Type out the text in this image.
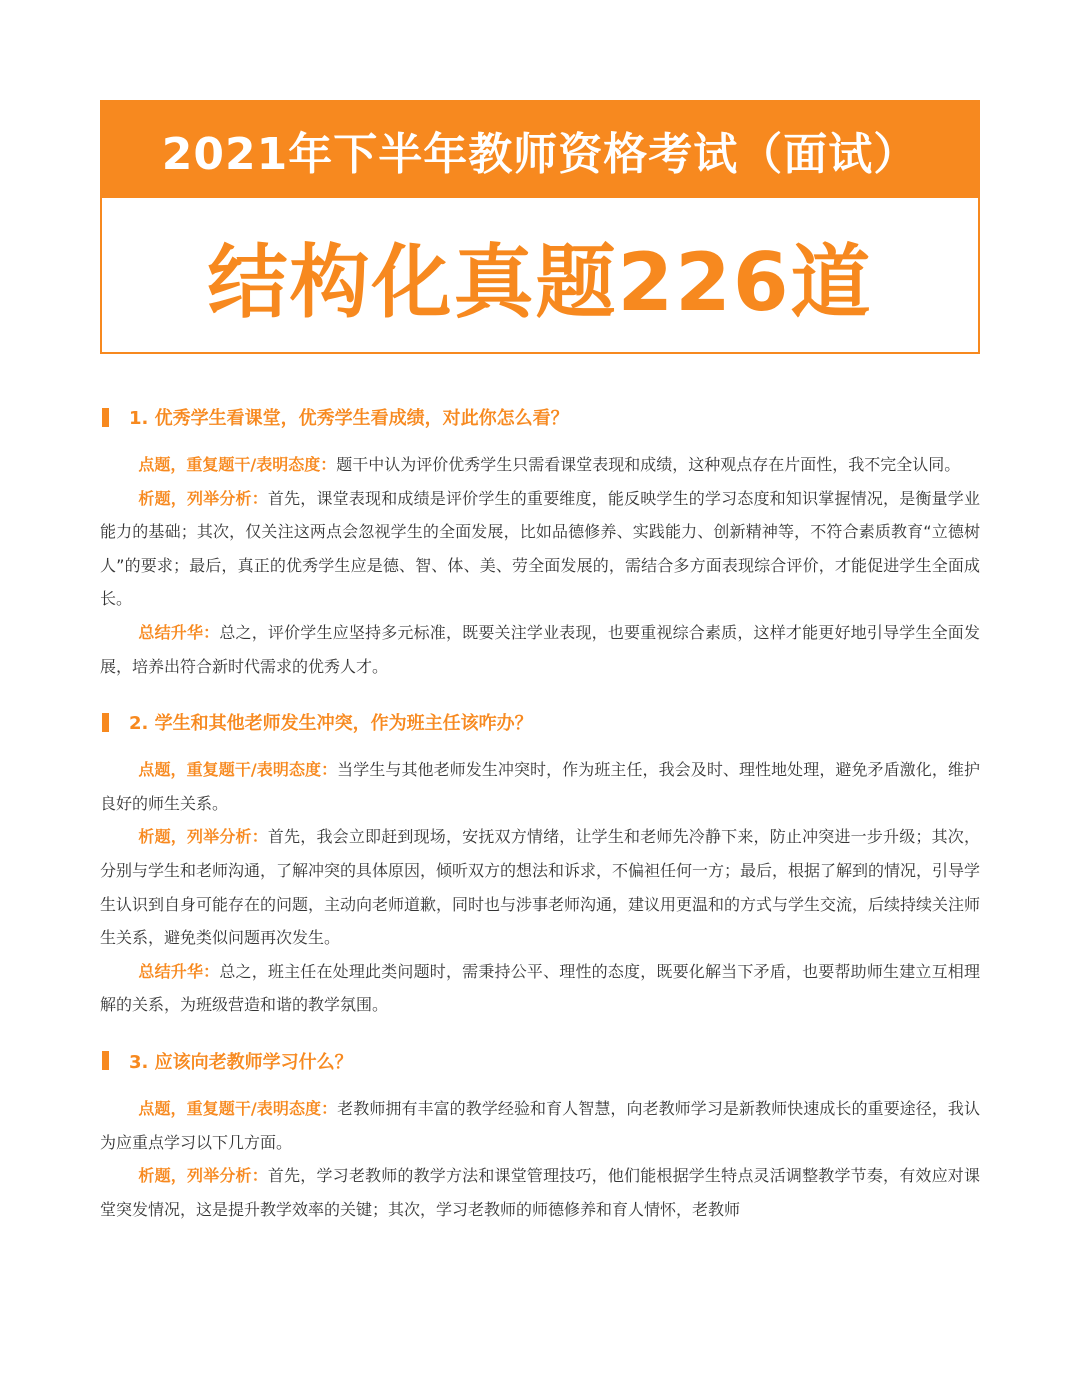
2021年下半年教师资格考试（面试）
结构化真题226道
1. 优秀学生看课堂，优秀学生看成绩，对此你怎么看？

点题，重复题干/表明态度：题干中认为评价优秀学生只需看课堂表现和成绩，这种观点存在片面性，我不完全认同。

析题，列举分析：首先，课堂表现和成绩是评价学生的重要维度，能反映学生的学习态度和知识掌握情况，是衡量学业能力的基础；其次，仅关注这两点会忽视学生的全面发展，比如品德修养、实践能力、创新精神等，不符合素质教育“立德树人”的要求；最后，真正的优秀学生应是德、智、体、美、劳全面发展的，需结合多方面表现综合评价，才能促进学生全面成长。

总结升华：总之，评价学生应坚持多元标准，既要关注学业表现，也要重视综合素质，这样才能更好地引导学生全面发展，培养出符合新时代需求的优秀人才。

2. 学生和其他老师发生冲突，作为班主任该咋办？

点题，重复题干/表明态度：当学生与其他老师发生冲突时，作为班主任，我会及时、理性地处理，避免矛盾激化，维护良好的师生关系。

析题，列举分析：首先，我会立即赶到现场，安抚双方情绪，让学生和老师先冷静下来，防止冲突进一步升级；其次，分别与学生和老师沟通，了解冲突的具体原因，倾听双方的想法和诉求，不偏袒任何一方；最后，根据了解到的情况，引导学生认识到自身可能存在的问题，主动向老师道歉，同时也与涉事老师沟通，建议用更温和的方式与学生交流，后续持续关注师生关系，避免类似问题再次发生。

总结升华：总之，班主任在处理此类问题时，需秉持公平、理性的态度，既要化解当下矛盾，也要帮助师生建立互相理解的关系，为班级营造和谐的教学氛围。

3. 应该向老教师学习什么？

点题，重复题干/表明态度：老教师拥有丰富的教学经验和育人智慧，向老教师学习是新教师快速成长的重要途径，我认为应重点学习以下几方面。

析题，列举分析：首先，学习老教师的教学方法和课堂管理技巧，他们能根据学生特点灵活调整教学节奏，有效应对课堂突发情况，这是提升教学效率的关键；其次，学习老教师的师德修养和育人情怀，老教师
